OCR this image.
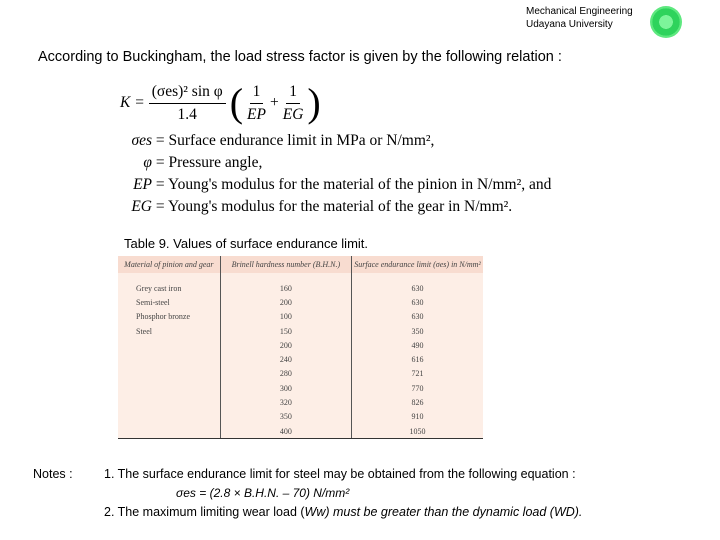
Mechanical Engineering
Udayana University
According to Buckingham, the load stress factor is given by the following relation :
$K = \frac{\text{(σes)² sin φ}}{1.4}$ ( $\frac{1}{EP} + \frac{1}{EG}$ )
σes = Surface endurance limit in MPa or N/mm²,
φ = Pressure angle,
EP = Young's modulus for the material of the pinion in N/mm², and
EG = Young's modulus for the material of the gear in N/mm².
Table 9. Values of surface endurance limit.
Material of pinion and gear	Brinell hardness number (B.H.N.)	Surface endurance limit (σes) in N/mm²
Grey cast iron	160	630
Semi-steel	200	630
Phosphor bronze	100	630
Steel	150	350
	200	490
	240	616
	280	721
	300	770
	320	826
	350	910
	400	1050
Notes :	1. The surface endurance limit for steel may be obtained from the following equation :
σes = (2.8 × B.H.N. – 70) N/mm²
2. The maximum limiting wear load (Ww) must be greater than the dynamic load (WD).
